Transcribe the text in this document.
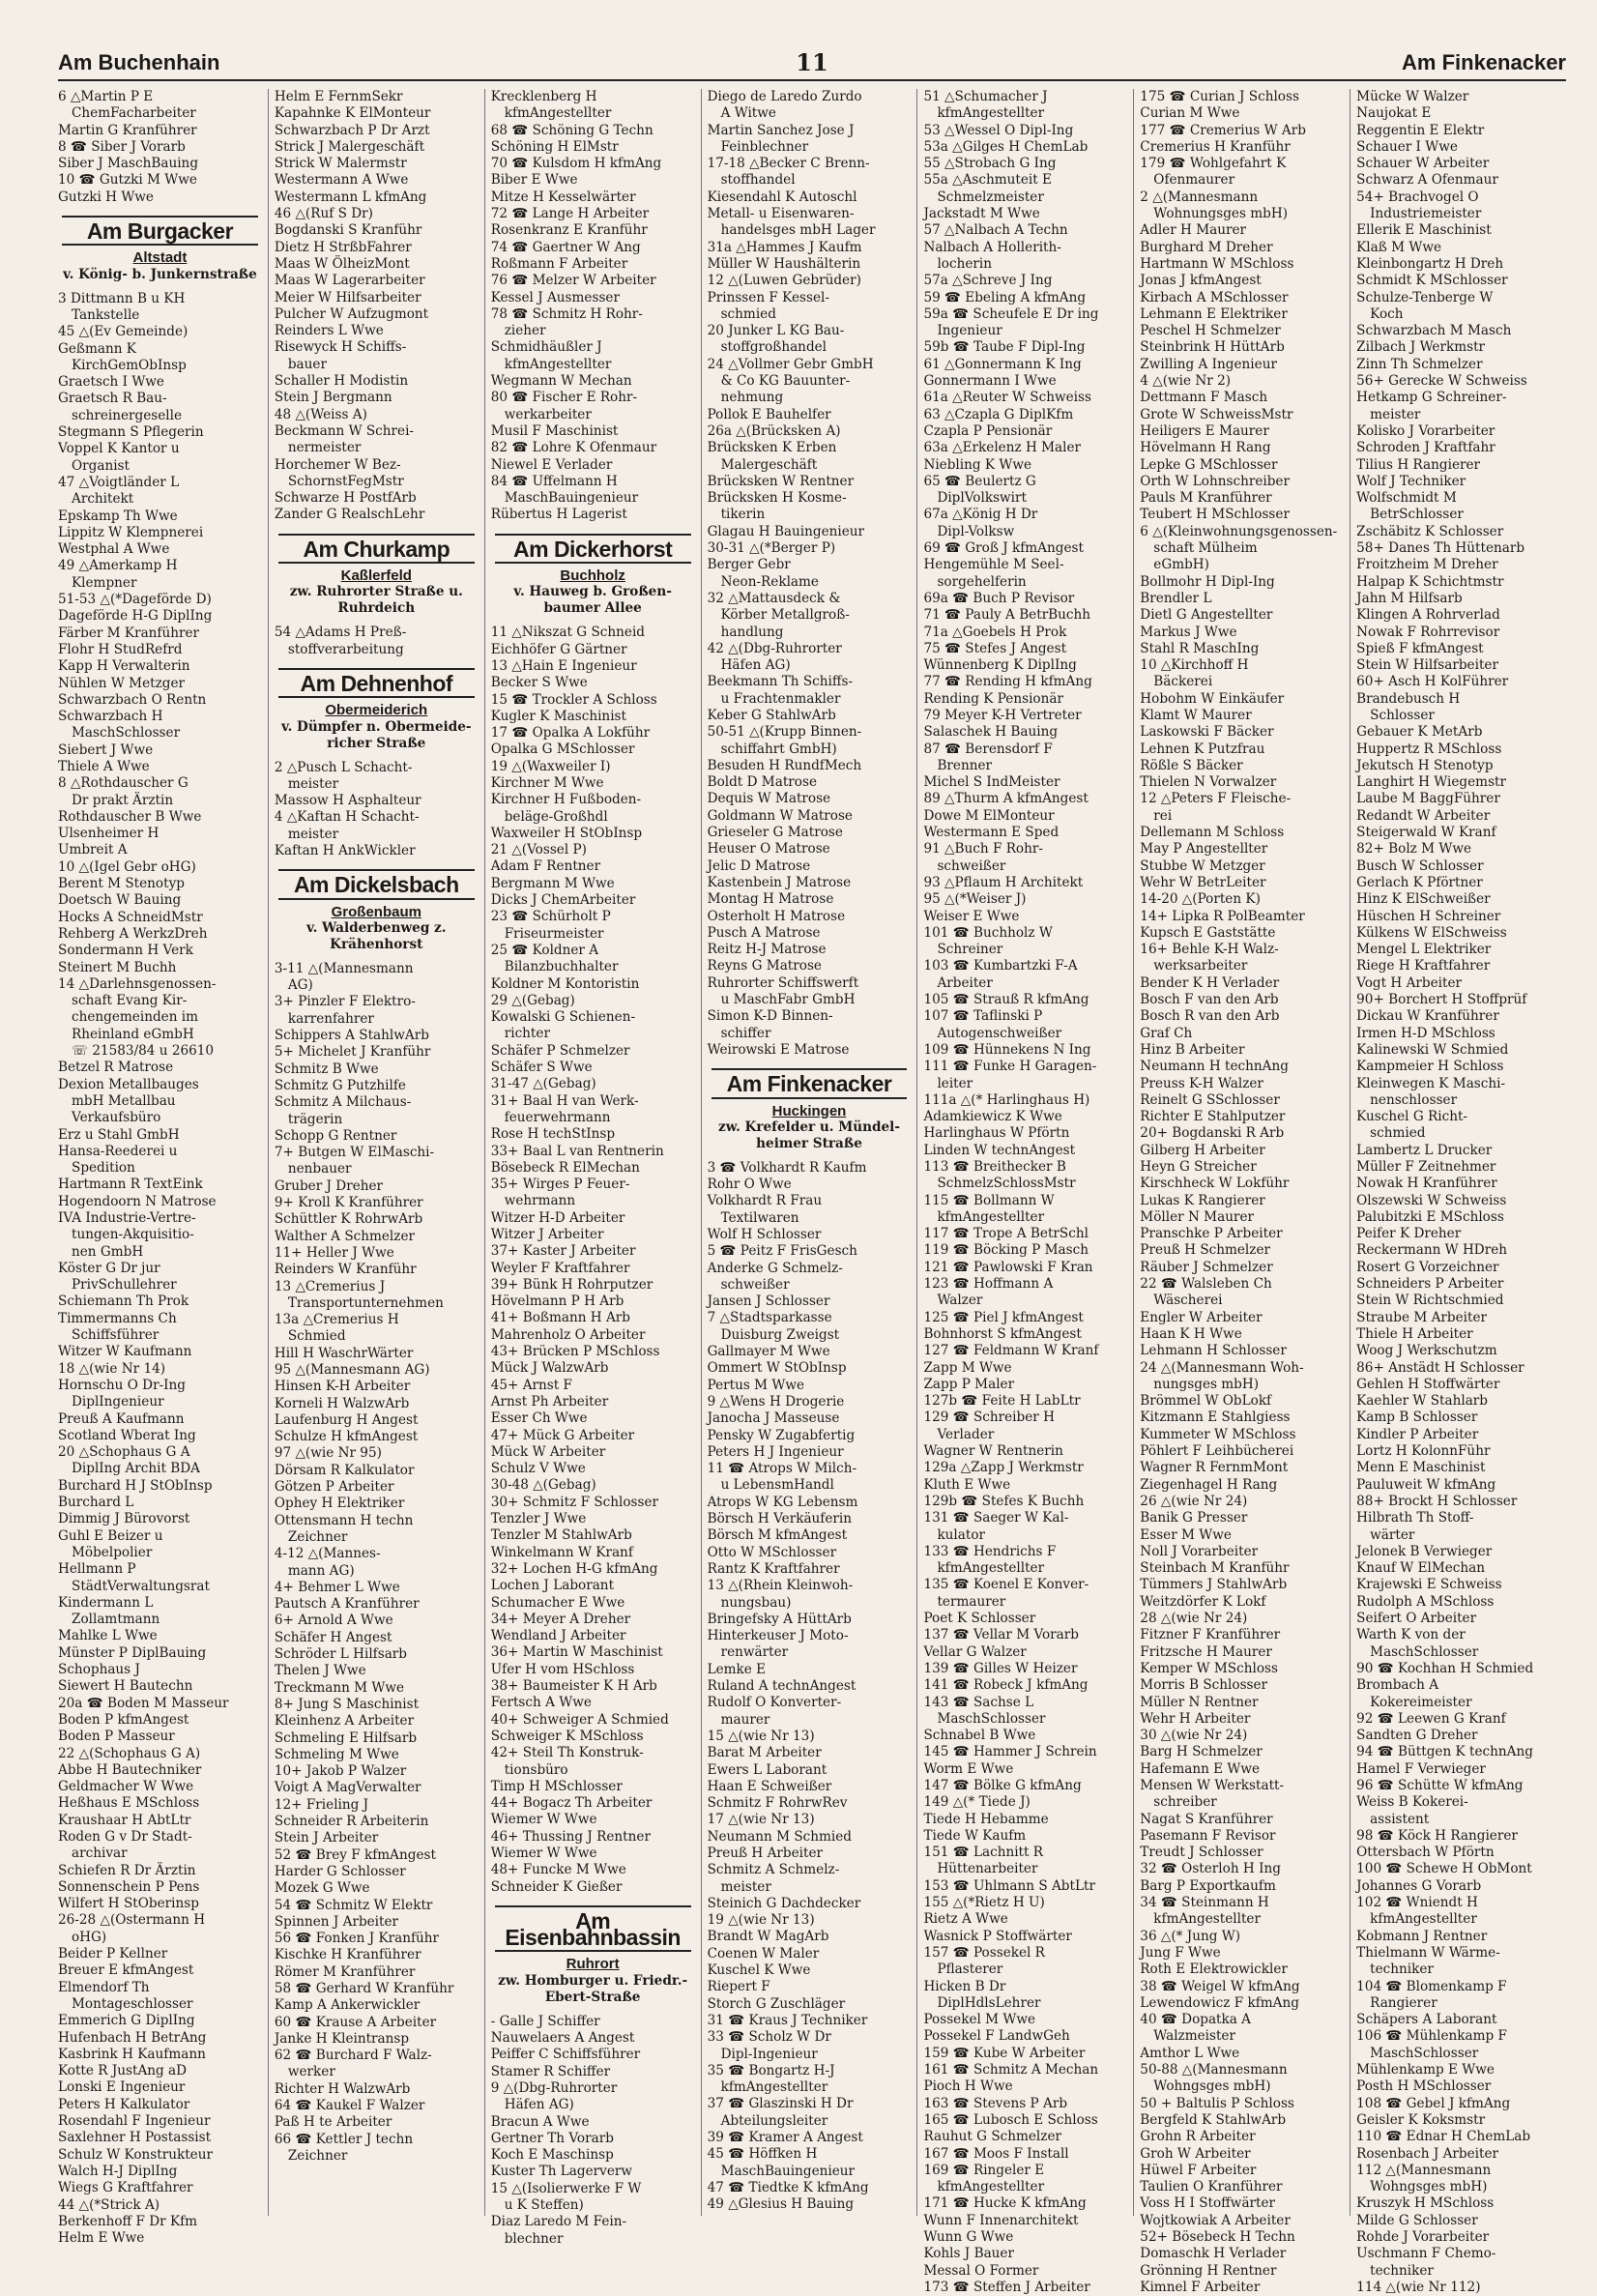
Am Buchenhain	11	Am Finkenacker
6 △Martin P E
ChemFacharbeiter
Martin G Kranführer
8 ☎ Siber J Vorarb
Siber J MaschBauing
10 ☎ Gutzki M Wwe
Gutzki H Wwe
Am Burgacker
Altstadt
v. König- b. Junkernstraße
3 Dittmann B u KH
Tankstelle
45 △(Ev Gemeinde)
Geßmann K
KirchGemObInsp
Graetsch I Wwe
Graetsch R Bau-
schreinergeselle
Stegmann S Pflegerin
Voppel K Kantor u
Organist
47 △Voigtländer L
Architekt
Epskamp Th Wwe
Lippitz W Klempnerei
Westphal A Wwe
49 △Amerkamp H
Klempner
51-53 △(*Dageförde D)
Dageförde H-G DiplIng
Färber M Kranführer
Flohr H StudRefrd
Kapp H Verwalterin
Nühlen W Metzger
Schwarzbach O Rentn
Schwarzbach H
MaschSchlosser
Siebert J Wwe
Thiele A Wwe
8 △Rothdauscher G
Dr prakt Ärztin
Rothdauscher B Wwe
Ulsenheimer H
Umbreit A
10 △(Igel Gebr oHG)
Berent M Stenotyp
Doetsch W Bauing
Hocks A SchneidMstr
Rehberg A WerkzDreh
Sondermann H Verk
Steinert M Buchh
14 △Darlehnsgenossen-
schaft Evang Kir-
chengemeinden im
Rheinland eGmbH
☏ 21583/84 u 26610
Betzel R Matrose
Dexion Metallbauges
mbH Metallbau
Verkaufsbüro
Erz u Stahl GmbH
Hansa-Reederei u
Spedition
Hartmann R TextEink
Hogendoorn N Matrose
IVA Industrie-Vertre-
tungen-Akquisitio-
nen GmbH
Köster G Dr jur
PrivSchullehrer
Schiemann Th Prok
Timmermanns Ch
Schiffsführer
Witzer W Kaufmann
18 △(wie Nr 14)
Hornschu O Dr-Ing
DiplIngenieur
Preuß A Kaufmann
Scotland Wberat Ing
20 △Schophaus G A
DiplIng Archit BDA
Burchard H J StObInsp
Burchard L
Dimmig J Bürovorst
Guhl E Beizer u
Möbelpolier
Hellmann P
StädtVerwaltungsrat
Kindermann L
Zollamtmann
Mahlke L Wwe
Münster P DiplBauing
Schophaus J
Siewert H Bautechn
20a ☎ Boden M Masseur
Boden P kfmAngest
Boden P Masseur
22 △(Schophaus G A)
Abbe H Bautechniker
Geldmacher W Wwe
Heßhaus E MSchloss
Kraushaar H AbtLtr
Roden G v Dr Stadt-
archivar
Schiefen R Dr Ärztin
Sonnenschein P Pens
Wilfert H StOberinsp
26-28 △(Ostermann H
oHG)
Beider P Kellner
Breuer E kfmAngest
Elmendorf Th
Montageschlosser
Emmerich G DiplIng
Hufenbach H BetrAng
Kasbrink H Kaufmann
Kotte R JustAng aD
Lonski E Ingenieur
Peters H Kalkulator
Rosendahl F Ingenieur
Saxlehner H Postassist
Schulz W Konstrukteur
Walch H-J DiplIng
Wiegs G Kraftfahrer
44 △(*Strick A)
Berkenhoff F Dr Kfm
Helm E Wwe
Helm E FernmSekr
Kapahnke K ElMonteur
Schwarzbach P Dr Arzt
Strick J Malergeschäft
Strick W Malermstr
Westermann A Wwe
Westermann L kfmAng
46 △(Ruf S Dr)
Bogdanski S Kranführ
Dietz H StrßbFahrer
Maas W ÖlheizMont
Maas W Lagerarbeiter
Meier W Hilfsarbeiter
Pulcher W Aufzugmont
Reinders L Wwe
Risewyck H Schiffs-
bauer
Schaller H Modistin
Stein J Bergmann
48 △(Weiss A)
Beckmann W Schrei-
nermeister
Horchemer W Bez-
SchornstFegMstr
Schwarze H PostfArb
Zander G RealschLehr
Am Churkamp
Kaßlerfeld
zw. Ruhrorter Straße u. Ruhrdeich
54 △Adams H Preß-
stoffverarbeitung
Am Dehnenhof
Obermeiderich
v. Dümpfer n. Obermeide- richer Straße
2 △Pusch L Schacht-
meister
Massow H Asphalteur
4 △Kaftan H Schacht-
meister
Kaftan H AnkWickler
Am Dickelsbach
Großenbaum
v. Walderbenweg z. Krähenhorst
3-11 △(Mannesmann
AG)
3+ Pinzler F Elektro-
karrenfahrer
Schippers A StahlwArb
5+ Michelet J Kranführ
Schmitz B Wwe
Schmitz G Putzhilfe
Schmitz A Milchaus-
trägerin
Schopp G Rentner
7+ Butgen W ElMaschi-
nenbauer
Gruber J Dreher
9+ Kroll K Kranführer
Schüttler K RohrwArb
Walther A Schmelzer
11+ Heller J Wwe
Reinders W Kranführ
13 △Cremerius J
Transportunternehmen
13a △Cremerius H
Schmied
Hill H WaschrWärter
95 △(Mannesmann AG)
Hinsen K-H Arbeiter
Korneli H WalzwArb
Laufenburg H Angest
Schulze H kfmAngest
97 △(wie Nr 95)
Dörsam R Kalkulator
Götzen P Arbeiter
Ophey H Elektriker
Ottensmann H techn
Zeichner
4-12 △(Mannes-
mann AG)
4+ Behmer L Wwe
Pautsch A Kranführer
6+ Arnold A Wwe
Schäfer H Angest
Schröder L Hilfsarb
Thelen J Wwe
Treckmann M Wwe
8+ Jung S Maschinist
Kleinhenz A Arbeiter
Schmeling E Hilfsarb
Schmeling M Wwe
10+ Jakob P Walzer
Voigt A MagVerwalter
12+ Frieling J
Schneider R Arbeiterin
Stein J Arbeiter
52 ☎ Brey F kfmAngest
Harder G Schlosser
Mozek G Wwe
54 ☎ Schmitz W Elektr
Spinnen J Arbeiter
56 ☎ Fonken J Kranführ
Kischke H Kranführer
Römer M Kranführer
58 ☎ Gerhard W Kranführ
Kamp A Ankerwickler
60 ☎ Krause A Arbeiter
Janke H Kleintransp
62 ☎ Burchard F Walz-
werker
Richter H WalzwArb
64 ☎ Kaukel F Walzer
Paß H te Arbeiter
66 ☎ Kettler J techn
Zeichner
Krecklenberg H
kfmAngestellter
68 ☎ Schöning G Techn
Schöning H ElMstr
70 ☎ Kulsdom H kfmAng
Biber E Wwe
Mitze H Kesselwärter
72 ☎ Lange H Arbeiter
Rosenkranz E Kranführ
74 ☎ Gaertner W Ang
Roßmann F Arbeiter
76 ☎ Melzer W Arbeiter
Kessel J Ausmesser
78 ☎ Schmitz H Rohr-
zieher
Schmidhäußler J
kfmAngestellter
Wegmann W Mechan
80 ☎ Fischer E Rohr-
werkarbeiter
Musil F Maschinist
82 ☎ Lohre K Ofenmaur
Niewel E Verlader
84 ☎ Uffelmann H
MaschBauingenieur
Rübertus H Lagerist
Am Dickerhorst
Buchholz
v. Hauweg b. Großen- baumer Allee
11 △Nikszat G Schneid
Eichhöfer G Gärtner
13 △Hain E Ingenieur
Becker S Wwe
15 ☎ Trockler A Schloss
Kugler K Maschinist
17 ☎ Opalka A Lokführ
Opalka G MSchlosser
19 △(Waxweiler I)
Kirchner M Wwe
Kirchner H Fußboden-
beläge-Großhdl
Waxweiler H StObInsp
21 △(Vossel P)
Adam F Rentner
Bergmann M Wwe
Dicks J ChemArbeiter
23 ☎ Schürholt P
Friseurmeister
25 ☎ Koldner A
Bilanzbuchhalter
Koldner M Kontoristin
29 △(Gebag)
Kowalski G Schienen-
richter
Schäfer P Schmelzer
Schäfer S Wwe
31-47 △(Gebag)
31+ Baal H van Werk-
feuerwehrmann
Rose H techStInsp
33+ Baal L van Rentnerin
Bösebeck R ElMechan
35+ Wirges P Feuer-
wehrmann
Witzer H-D Arbeiter
Witzer J Arbeiter
37+ Kaster J Arbeiter
Weyler F Kraftfahrer
39+ Bünk H Rohrputzer
Hövelmann P H Arb
41+ Boßmann H Arb
Mahrenholz O Arbeiter
43+ Brücken P MSchloss
Mück J WalzwArb
45+ Arnst F
Arnst Ph Arbeiter
Esser Ch Wwe
47+ Mück G Arbeiter
Mück W Arbeiter
Schulz V Wwe
30-48 △(Gebag)
30+ Schmitz F Schlosser
Tenzler J Wwe
Tenzler M StahlwArb
Winkelmann W Kranf
32+ Lochen H-G kfmAng
Lochen J Laborant
Schumacher E Wwe
34+ Meyer A Dreher
Wendland J Arbeiter
36+ Martin W Maschinist
Ufer H vom HSchloss
38+ Baumeister K H Arb
Fertsch A Wwe
40+ Schweiger A Schmied
Schweiger K MSchloss
42+ Steil Th Konstruk-
tionsbüro
Timp H MSchlosser
44+ Bogacz Th Arbeiter
Wiemer W Wwe
46+ Thussing J Rentner
Wiemer W Wwe
48+ Funcke M Wwe
Schneider K Gießer
Am Eisenbahnbassin
Ruhrort
zw. Homburger u. Friedr.- Ebert-Straße
- Galle J Schiffer
Nauwelaers A Angest
Peiffer C Schiffsführer
Stamer R Schiffer
9 △(Dbg-Ruhrorter
Häfen AG)
Bracun A Wwe
Gertner Th Vorarb
Koch E Maschinsp
Kuster Th Lagerverw
15 △(Isolierwerke F W
u K Steffen)
Diaz Laredo M Fein-
blechner
Diego de Laredo Zurdo
A Witwe
Martin Sanchez Jose J
Feinblechner
17-18 △Becker C Brenn-
stoffhandel
Kiesendahl K Autoschl
Metall- u Eisenwaren-
handelsges mbH Lager
31a △Hammes J Kaufm
Müller W Haushälterin
12 △(Luwen Gebrüder)
Prinssen F Kessel-
schmied
20 Junker L KG Bau-
stoffgroßhandel
24 △Vollmer Gebr GmbH
& Co KG Bauunter-
nehmung
Pollok E Bauhelfer
26a △(Brücksken A)
Brücksken K Erben
Malergeschäft
Brücksken W Rentner
Brücksken H Kosme-
tikerin
Glagau H Bauingenieur
30-31 △(*Berger P)
Berger Gebr
Neon-Reklame
32 △Mattausdeck &
Körber Metallgroß-
handlung
42 △(Dbg-Ruhrorter
Häfen AG)
Beekmann Th Schiffs-
u Frachtenmakler
Keber G StahlwArb
50-51 △(Krupp Binnen-
schiffahrt GmbH)
Besuden H RundfMech
Boldt D Matrose
Dequis W Matrose
Goldmann W Matrose
Grieseler G Matrose
Heuser O Matrose
Jelic D Matrose
Kastenbein J Matrose
Montag H Matrose
Osterholt H Matrose
Pusch A Matrose
Reitz H-J Matrose
Reyns G Matrose
Ruhrorter Schiffswerft
u MaschFabr GmbH
Simon K-D Binnen-
schiffer
Weirowski E Matrose
Am Finkenacker
Huckingen
zw. Krefelder u. Mündel- heimer Straße
3 ☎ Volkhardt R Kaufm
Rohr O Wwe
Volkhardt R Frau
Textilwaren
Wolf H Schlosser
5 ☎ Peitz F FrisGesch
Anderke G Schmelz-
schweißer
Jansen J Schlosser
7 △Stadtsparkasse
Duisburg Zweigst
Gallmayer M Wwe
Ommert W StObInsp
Pertus M Wwe
9 △Wens H Drogerie
Janocha J Masseuse
Pensky W Zugabfertig
Peters H J Ingenieur
11 ☎ Atrops W Milch-
u LebensmHandl
Atrops W KG Lebensm
Börsch H Verkäuferin
Börsch M kfmAngest
Otto W MSchlosser
Rantz K Kraftfahrer
13 △(Rhein Kleinwoh-
nungsbau)
Bringefsky A HüttArb
Hinterkeuser J Moto-
renwärter
Lemke E
Ruland A technAngest
Rudolf O Konverter-
maurer
15 △(wie Nr 13)
Barat M Arbeiter
Ewers L Laborant
Haan E Schweißer
Schmitz F RohrwRev
17 △(wie Nr 13)
Neumann M Schmied
Preuß H Arbeiter
Schmitz A Schmelz-
meister
Steinich G Dachdecker
19 △(wie Nr 13)
Brandt W MagArb
Coenen W Maler
Kuschel K Wwe
Riepert F
Storch G Zuschläger
31 ☎ Kraus J Techniker
33 ☎ Scholz W Dr
Dipl-Ingenieur
35 ☎ Bongartz H-J
kfmAngestellter
37 ☎ Glaszinski H Dr
Abteilungsleiter
39 ☎ Kramer A Angest
45 ☎ Höffken H
MaschBauingenieur
47 ☎ Tiedtke K kfmAng
49 △Glesius H Bauing
51 △Schumacher J
kfmAngestellter
53 △Wessel O Dipl-Ing
53a △Gilges H ChemLab
55 △Strobach G Ing
55a △Aschmuteit E
Schmelzmeister
Jackstadt M Wwe
57 △Nalbach A Techn
Nalbach A Hollerith-
locherin
57a △Schreve J Ing
59 ☎ Ebeling A kfmAng
59a ☎ Scheufele E Dr ing
Ingenieur
59b ☎ Taube F Dipl-Ing
61 △Gonnermann K Ing
Gonnermann I Wwe
61a △Reuter W Schweiss
63 △Czapla G DiplKfm
Czapla P Pensionär
63a △Erkelenz H Maler
Niebling K Wwe
65 ☎ Beulertz G
DiplVolkswirt
67a △König H Dr
Dipl-Volksw
69 ☎ Groß J kfmAngest
Hengemühle M Seel-
sorgehelferin
69a ☎ Buch P Revisor
71 ☎ Pauly A BetrBuchh
71a △Goebels H Prok
75 ☎ Stefes J Angest
Wünnenberg K DiplIng
77 ☎ Rending H kfmAng
Rending K Pensionär
79 Meyer K-H Vertreter
Salaschek H Bauing
87 ☎ Berensdorf F
Brenner
Michel S IndMeister
89 △Thurm A kfmAngest
Dowe M ElMonteur
Westermann E Sped
91 △Buch F Rohr-
schweißer
93 △Pflaum H Architekt
95 △(*Weiser J)
Weiser E Wwe
101 ☎ Buchholz W
Schreiner
103 ☎ Kumbartzki F-A
Arbeiter
105 ☎ Strauß R kfmAng
107 ☎ Taflinski P
Autogenschweißer
109 ☎ Hünnekens N Ing
111 ☎ Funke H Garagen-
leiter
111a △(* Harlinghaus H)
Adamkiewicz K Wwe
Harlinghaus W Pförtn
Linden W technAngest
113 ☎ Breithecker B
SchmelzSchlossMstr
115 ☎ Bollmann W
kfmAngestellter
117 ☎ Trope A BetrSchl
119 ☎ Böcking P Masch
121 ☎ Pawlowski F Kran
123 ☎ Hoffmann A
Walzer
125 ☎ Piel J kfmAngest
Bohnhorst S kfmAngest
127 ☎ Feldmann W Kranf
Zapp M Wwe
Zapp P Maler
127b ☎ Feite H LabLtr
129 ☎ Schreiber H
Verlader
Wagner W Rentnerin
129a △Zapp J Werkmstr
Kluth E Wwe
129b ☎ Stefes K Buchh
131 ☎ Saeger W Kal-
kulator
133 ☎ Hendrichs F
kfmAngestellter
135 ☎ Koenel E Konver-
termaurer
Poet K Schlosser
137 ☎ Vellar M Vorarb
Vellar G Walzer
139 ☎ Gilles W Heizer
141 ☎ Robeck J kfmAng
143 ☎ Sachse L
MaschSchlosser
Schnabel B Wwe
145 ☎ Hammer J Schrein
Worm E Wwe
147 ☎ Bölke G kfmAng
149 △(* Tiede J)
Tiede H Hebamme
Tiede W Kaufm
151 ☎ Lachnitt R
Hüttenarbeiter
153 ☎ Uhlmann S AbtLtr
155 △(*Rietz H U)
Rietz A Wwe
Wasnick P Stoffwärter
157 ☎ Possekel R
Pflasterer
Hicken B Dr
DiplHdlsLehrer
Possekel M Wwe
Possekel F LandwGeh
159 ☎ Kube W Arbeiter
161 ☎ Schmitz A Mechan
Pioch H Wwe
163 ☎ Stevens P Arb
165 ☎ Lubosch E Schloss
Rauhut G Schmelzer
167 ☎ Moos F Install
169 ☎ Ringeler E
kfmAngestellter
171 ☎ Hucke K kfmAng
Wunn F Innenarchitekt
Wunn G Wwe
Kohls J Bauer
Messal O Former
173 ☎ Steffen J Arbeiter
175 ☎ Curian J Schloss
Curian M Wwe
177 ☎ Cremerius W Arb
Cremerius H Kranführ
179 ☎ Wohlgefahrt K
Ofenmaurer
2 △(Mannesmann
Wohnungsges mbH)
Adler H Maurer
Burghard M Dreher
Hartmann W MSchloss
Jonas J kfmAngest
Kirbach A MSchlosser
Lehmann E Elektriker
Peschel H Schmelzer
Steinbrink H HüttArb
Zwilling A Ingenieur
4 △(wie Nr 2)
Dettmann F Masch
Grote W SchweissMstr
Heiligers E Maurer
Hövelmann H Rang
Lepke G MSchlosser
Orth W Lohnschreiber
Pauls M Kranführer
Teubert H MSchlosser
6 △(Kleinwohnungsgenossen-
schaft Mülheim
eGmbH)
Bollmohr H Dipl-Ing
Brendler L
Dietl G Angestellter
Markus J Wwe
Stahl R MaschIng
10 △Kirchhoff H
Bäckerei
Hobohm W Einkäufer
Klamt W Maurer
Laskowski F Bäcker
Lehnen K Putzfrau
Rößle S Bäcker
Thielen N Vorwalzer
12 △Peters F Fleische-
rei
Dellemann M Schloss
May P Angestellter
Stubbe W Metzger
Wehr W BetrLeiter
14-20 △(Porten K)
14+ Lipka R PolBeamter
Kupsch E Gaststätte
16+ Behle K-H Walz-
werksarbeiter
Bender K H Verlader
Bosch F van den Arb
Bosch R van den Arb
Graf Ch
Hinz B Arbeiter
Neumann H technAng
Preuss K-H Walzer
Reinelt G SSchlosser
Richter E Stahlputzer
20+ Bogdanski R Arb
Gilberg H Arbeiter
Heyn G Streicher
Kirschheck W Lokführ
Lukas K Rangierer
Möller N Maurer
Pranschke P Arbeiter
Preuß H Schmelzer
Räuber J Schmelzer
22 ☎ Walsleben Ch
Wäscherei
Engler W Arbeiter
Haan K H Wwe
Lehmann H Schlosser
24 △(Mannesmann Woh-
nungsges mbH)
Brömmel W ObLokf
Kitzmann E Stahlgiess
Kummeter W MSchloss
Pöhlert F Leihbücherei
Wagner R FernmMont
Ziegenhagel H Rang
26 △(wie Nr 24)
Banik G Presser
Esser M Wwe
Noll J Vorarbeiter
Steinbach M Kranführ
Tümmers J StahlwArb
Weitzdörfer K Lokf
28 △(wie Nr 24)
Fitzner F Kranführer
Fritzsche H Maurer
Kemper W MSchloss
Morris B Schlosser
Müller N Rentner
Wehr H Arbeiter
30 △(wie Nr 24)
Barg H Schmelzer
Hafemann E Wwe
Mensen W Werkstatt-
schreiber
Nagat S Kranführer
Pasemann F Revisor
Treudt J Schlosser
32 ☎ Osterloh H Ing
Barg P Exportkaufm
34 ☎ Steinmann H
kfmAngestellter
36 △(* Jung W)
Jung F Wwe
Roth E Elektrowickler
38 ☎ Weigel W kfmAng
Lewendowicz F kfmAng
40 ☎ Dopatka A
Walzmeister
Amthor L Wwe
50-88 △(Mannesmann
Wohngsges mbH)
50 + Baltulis P Schloss
Bergfeld K StahlwArb
Grohn R Arbeiter
Groh W Arbeiter
Hüwel F Arbeiter
Taulien O Kranführer
Voss H I Stoffwärter
Wojtkowiak A Arbeiter
52+ Bösebeck H Techn
Domaschk H Verlader
Grönning H Rentner
Kimnel F Arbeiter
Mücke W Walzer
Naujokat E
Reggentin E Elektr
Schauer I Wwe
Schauer W Arbeiter
Schwarz A Ofenmaur
54+ Brachvogel O
Industriemeister
Ellerik E Maschinist
Klaß M Wwe
Kleinbongartz H Dreh
Schmidt K MSchlosser
Schulze-Tenberge W
Koch
Schwarzbach M Masch
Zilbach J Werkmstr
Zinn Th Schmelzer
56+ Gerecke W Schweiss
Hetkamp G Schreiner-
meister
Kolisko J Vorarbeiter
Schroden J Kraftfahr
Tilius H Rangierer
Wolf J Techniker
Wolfschmidt M
BetrSchlosser
Zschäbitz K Schlosser
58+ Danes Th Hüttenarb
Froitzheim M Dreher
Halpap K Schichtmstr
Jahn M Hilfsarb
Klingen A Rohrverlad
Nowak F Rohrrevisor
Spieß F kfmAngest
Stein W Hilfsarbeiter
60+ Asch H KolFührer
Brandebusch H
Schlosser
Gebauer K MetArb
Huppertz R MSchloss
Jekutsch H Stenotyp
Langhirt H Wiegemstr
Laube M BaggFührer
Redandt W Arbeiter
Steigerwald W Kranf
82+ Bolz M Wwe
Busch W Schlosser
Gerlach K Pförtner
Hinz K ElSchweißer
Hüschen H Schreiner
Külkens W ElSchweiss
Mengel L Elektriker
Riege H Kraftfahrer
Vogt H Arbeiter
90+ Borchert H Stoffprüf
Dickau W Kranführer
Irmen H-D MSchloss
Kalinewski W Schmied
Kampmeier H Schloss
Kleinwegen K Maschi-
nenschlosser
Kuschel G Richt-
schmied
Lambertz L Drucker
Müller F Zeitnehmer
Nowak H Kranführer
Olszewski W Schweiss
Palubitzki E MSchloss
Peifer K Dreher
Reckermann W HDreh
Rosert G Vorzeichner
Schneiders P Arbeiter
Stein W Richtschmied
Straube M Arbeiter
Thiele H Arbeiter
Woog J Werkschutzm
86+ Anstädt H Schlosser
Gehlen H Stoffwärter
Kaehler W Stahlarb
Kamp B Schlosser
Kindler P Arbeiter
Lortz H KolonnFühr
Menn E Maschinist
Pauluweit W kfmAng
88+ Brockt H Schlosser
Hilbrath Th Stoff-
wärter
Jelonek B Verwieger
Knauf W ElMechan
Krajewski E Schweiss
Rudolph A MSchloss
Seifert O Arbeiter
Warth K von der
MaschSchlosser
90 ☎ Kochhan H Schmied
Brombach A
Kokereimeister
92 ☎ Leewen G Kranf
Sandten G Dreher
94 ☎ Büttgen K technAng
Hamel F Verwieger
96 ☎ Schütte W kfmAng
Weiss B Kokerei-
assistent
98 ☎ Köck H Rangierer
Ottersbach W Pförtn
100 ☎ Schewe H ObMont
Johannes G Vorarb
102 ☎ Wniendt H
kfmAngestellter
Kobmann J Rentner
Thielmann W Wärme-
techniker
104 ☎ Blomenkamp F
Rangierer
Schäpers A Laborant
106 ☎ Mühlenkamp F
MaschSchlosser
Mühlenkamp E Wwe
Posth H MSchlosser
108 ☎ Gebel J kfmAng
Geisler K Koksmstr
110 ☎ Ednar H ChemLab
Rosenbach J Arbeiter
112 △(Mannesmann
Wohngsges mbH)
Kruszyk H MSchloss
Milde G Schlosser
Rohde J Vorarbeiter
Uschmann F Chemo-
techniker
114 △(wie Nr 112)
